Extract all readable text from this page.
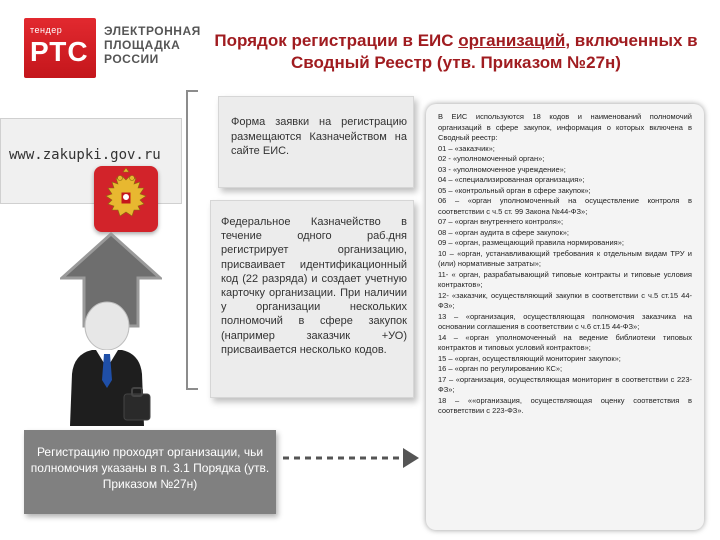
тендер
РТС
ЭЛЕКТРОННАЯ
ПЛОЩАДКА
РОССИИ
Порядок регистрации в ЕИС организаций, включенных в Сводный Реестр (утв. Приказом №27н)
www.zakupki.gov.ru
Форма заявки на регистрацию размещаются Казначейством на сайте ЕИС.
Федеральное Казначейство в течение одного раб.дня регистрирует организацию, присваивает идентификационный код (22 разряда) и создает учетную карточку организации. При наличии у организации нескольких полномочий в сфере закупок (например заказчик +УО) присваивается несколько кодов.
Регистрацию проходят организации, чьи полномочия указаны в п. 3.1 Порядка (утв. Приказом №27н)
В ЕИС используются 18 кодов и наименований полномочий организаций в сфере закупок, информация о которых включена в Сводный реестр:
01 – «заказчик»;
02 - «уполномоченный орган»;
03 - «уполномоченное учреждение»;
04 – «специализированная организация»;
05 – «контрольный орган в сфере закупок»;
06 – «орган уполномоченный на осуществление контроля в соответствии с ч.5 ст. 99 Закона №44-ФЗ»;
07 – «орган внутреннего контроля»;
08 – «орган аудита в сфере закупок»;
09 – «орган, размещающий правила нормирования»;
10 – «орган, устанавливающий требования к отдельным видам ТРУ и (или) нормативные затраты»;
11- « орган, разрабатывающий типовые контракты и типовые условия контрактов»;
12- «заказчик, осуществляющий закупки в соответствии с ч.5 ст.15 44-ФЗ»;
13 – «организация, осуществляющая полномочия заказчика на основании соглашения в соответствии с ч.6 ст.15 44-ФЗ»;
14 – «орган уполномоченный на ведение библиотеки типовых контрактов и типовых условий контрактов»;
15 – «орган, осуществляющий мониторинг закупок»;
16 – «орган по регулированию КС»;
17 – «организация, осуществляющая мониторинг в соответствии с 223-ФЗ»;
18 – ««организация, осуществляющая оценку соответствия в соответствии с 223-ФЗ».
